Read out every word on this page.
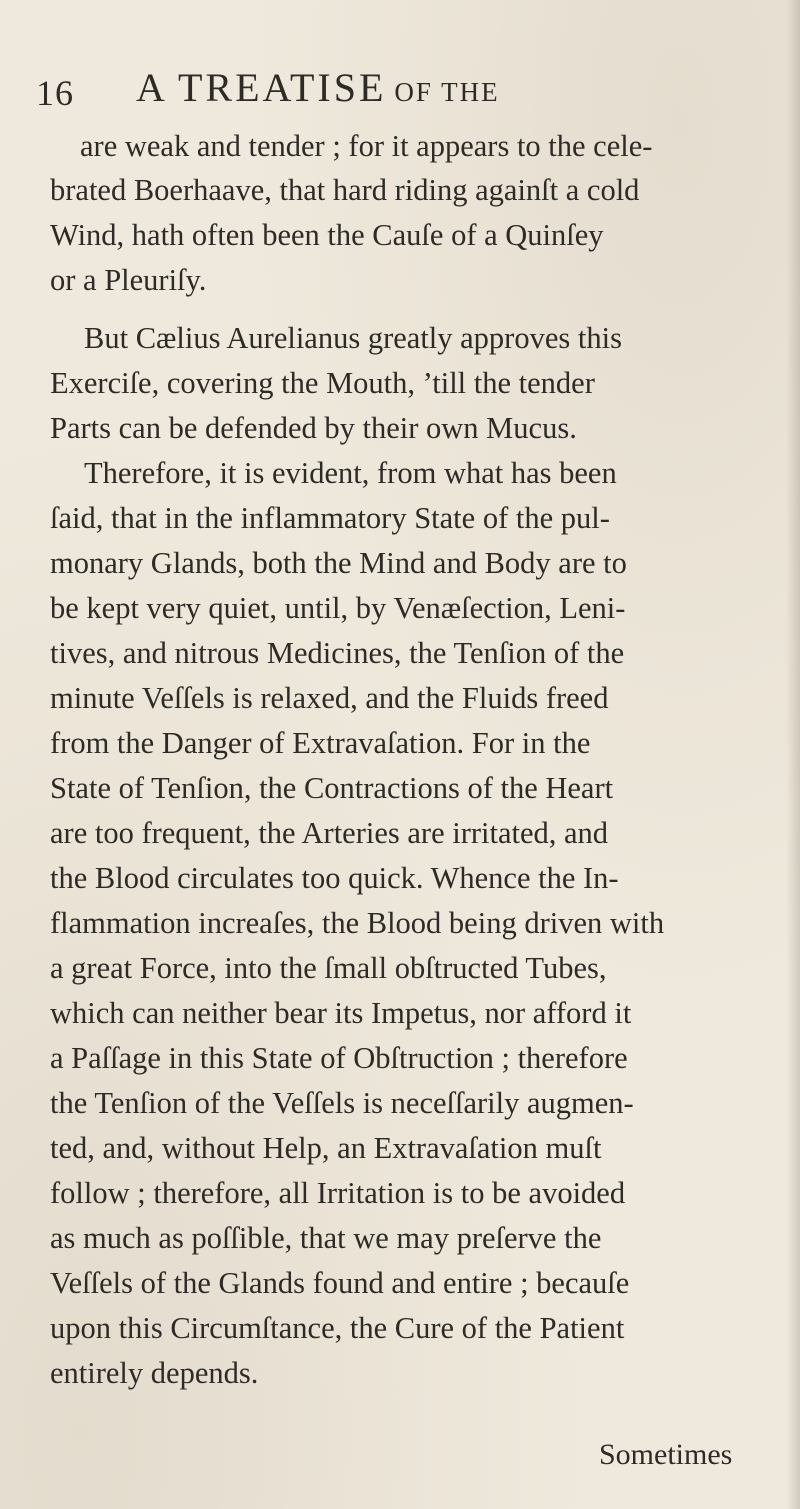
16 A TREATISE OF THE
are weak and tender ; for it appears to the cele-
brated Boerhaave, that hard riding againſt a cold
Wind, hath often been the Cauſe of a Quinſey
or a Pleuriſy.
But Cælius Aurelianus greatly approves this
Exerciſe, covering the Mouth, ’till the tender
Parts can be defended by their own Mucus.
Therefore, it is evident, from what has been
ſaid, that in the inflammatory State of the pul-
monary Glands, both the Mind and Body are to
be kept very quiet, until, by Venæſection, Leni-
tives, and nitrous Medicines, the Tenſion of the
minute Veſſels is relaxed, and the Fluids freed
from the Danger of Extravaſation. For in the
State of Tenſion, the Contractions of the Heart
are too frequent, the Arteries are irritated, and
the Blood circulates too quick. Whence the In-
flammation increaſes, the Blood being driven with
a great Force, into the ſmall obſtructed Tubes,
which can neither bear its Impetus, nor afford it
a Paſſage in this State of Obſtruction ; therefore
the Tenſion of the Veſſels is neceſſarily augmen-
ted, and, without Help, an Extravaſation muſt
follow ; therefore, all Irritation is to be avoided
as much as poſſible, that we may preſerve the
Veſſels of the Glands found and entire ; becauſe
upon this Circumſtance, the Cure of the Patient
entirely depends.
Sometimes
